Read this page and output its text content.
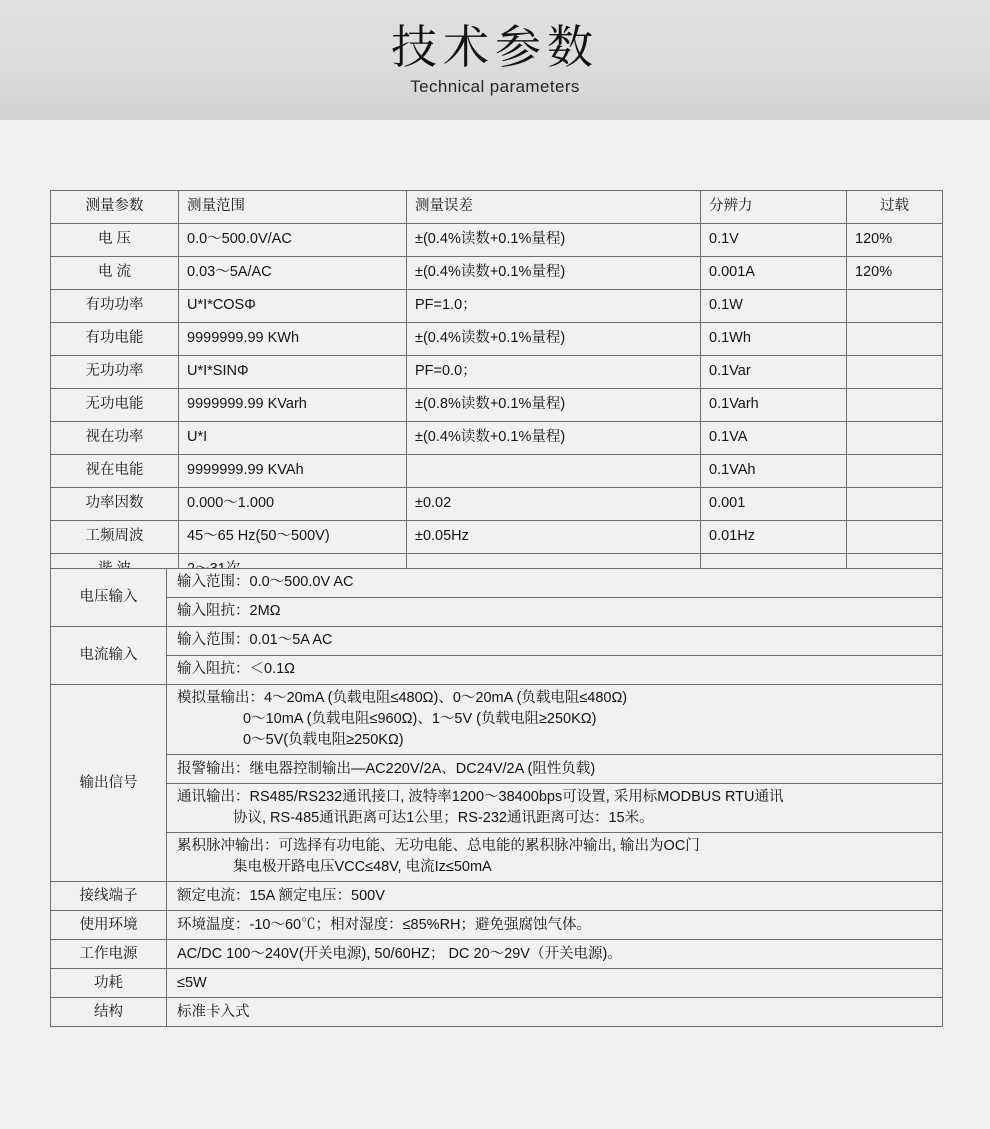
技术参数
Technical parameters
测量参数	测量范围	测量误差	分辨力	过载
电 压	0.0～500.0V/AC	±(0.4%读数+0.1%量程)	0.1V	120%
电 流	0.03～5A/AC	±(0.4%读数+0.1%量程)	0.001A	120%
有功功率	U*I*COSΦ	PF=1.0；	0.1W	
有功电能	9999999.99 KWh	±(0.4%读数+0.1%量程)	0.1Wh	
无功功率	U*I*SINΦ	PF=0.0；	0.1Var	
无功电能	9999999.99 KVarh	±(0.8%读数+0.1%量程)	0.1Varh	
视在功率	U*I	±(0.4%读数+0.1%量程)	0.1VA	
视在电能	9999999.99 KVAh		0.1VAh	
功率因数	0.000～1.000	±0.02	0.001	
工频周波	45～65 Hz(50～500V)	±0.05Hz	0.01Hz	

电压输入	输入范围：0.0～500.0V AC
输入阻抗：2MΩ
电流输入	输入范围：0.01～5A AC
输入阻抗：＜0.1Ω
输出信号	
模拟量输出：4～20mA (负载电阻≤480Ω)、0～20mA (负载电阻≤480Ω)
0～10mA (负载电阻≤960Ω)、1～5V (负载电阻≥250KΩ)
0～5V(负载电阻≥250KΩ)

报警输出：继电器控制输出—AC220V/2A、DC24V/2A (阻性负载)

通讯输出：RS485/RS232通讯接口, 波特率1200～38400bps可设置, 采用标MODBUS RTU通讯
协议, RS-485通讯距离可达1公里；RS-232通讯距离可达：15米。

累积脉冲输出：可选择有功电能、无功电能、总电能的累积脉冲输出, 输出为OC门
集电极开路电压VCC≤48V, 电流Iz≤50mA

接线端子	额定电流：15A 额定电压：500V
使用环境	环境温度：-10～60℃；相对湿度：≤85%RH；避免强腐蚀气体。
工作电源	AC/DC 100～240V(开关电源), 50/60HZ； DC 20～29V（开关电源)。
功耗	≤5W
结构	标准卡入式
